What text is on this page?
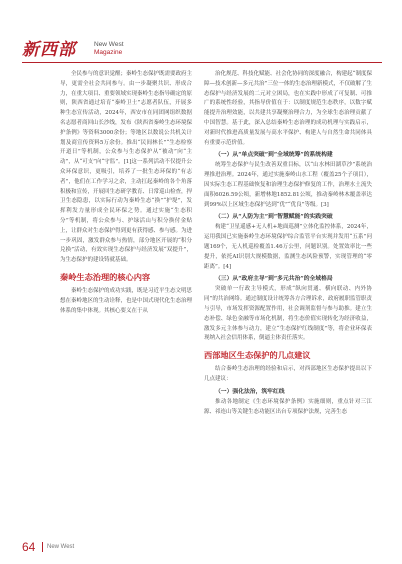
新西部	New West
Magazine

全民参与的意识觉醒；秦岭生态保护既需要政府主导，更需全社会共同参与。由一步凝聚共识、形成合力，在重大项目、重要领域实现秦岭生态指导确定的原则，陕西省通过培育“秦岭卫士”志愿者队伍，开展多种生态宣传活动，2024年，西安市在同团网组织数据名志愿者商回山长沙线，发布《陕西省秦岭生态环境保护条例》等资料3000余份；等地区以数说公共机关计划及商宣传资料5万余份。推出“民间林长”“生态检察开道日”等机制，公众参与生态保护从“被动”向“主动”，从“可支”向“守监”。[1]这一系列活动不仅提升公众环保意识，更吸引，培养了一批生态环保的“有志者”，他们在工作学习之余，主动扛起秦岭的各个角落积极和宣传，开展回生态研学教育、日常巡山检查，捍卫生态隐患，以实际行动为秦岭生态“换”“护堤”，发挥利发力量形成全民环保之势。通过实施“生态积分”等机制，将公众参与、护绿活山与积分换付金贴上，让群众对生态保护得到更有获得感、参与感。为进一步巩固，激发群众参与热情，部分地区开展的“积分兑换”活动，有效实现生态保护与经济发展“双提升”，为生态保护的建设铸就基础。

秦岭生态治理的核心内容

秦岭生态保护的成功实践，既是习近平生态文明思想在秦岭地区的生动诠释，也是中国式现代化生态治理体系的集中体现。其核心要义在于从

治化规范、科技化赋能、社会化协同的深度融合，构建起“制度保障—技术创新—多元共治”三位一体的生态治理新模式，不仅破解了生态保护与经济发展的二元对立困局，也在实践中形成了可复制、可推广的系统性经验，其指导价值在于：以制度规范生态秩序，以数字赋能提升治理效能，以共建共享凝聚治理合力，为全球生态治理贡献了中国智慧。基于此，深入总结秦岭生态治理的成功机理与实践启示，对新时代推进高质量发展与高水平保护、构建人与自然生命共同体具有重要示范价值。

（一）从“单点突破”到“全域统筹”的系统构建

统筹生态保护与民生改善双重目标，以“山水林田湖草沙”系统治理推进治理。2024年，通过实施秦岭山水工程（覆盖25个子项目），因实际生态工程基础恢复和治理生态保护修复的工作，治理水土流失面积6026.59公顷，新增林地1852.81公顷，推动秦岭林木覆盖率达到99%以上区域生态保护达到“优”“优良”等级。[3]

（二）从“人防为主”到“智慧赋能”的实践突破

构建“卫星遥感+无人机+地面巡测”立体化监控体系，2024年，运用我国已实施秦岭生态环境保护综合监管平台实现并发用“五系”问题169个，无人机巡检覆盖1.46万公里，问题识别。处置效率比一些提升，依托AI识别大规模数据，监测生态风险预警，实现管理的“零距离”。[4]

（三）从“政府主导”到“多元共治”的全域格局

突破单一行政主导模式，形成“纵向贯通、横向联动、内外协同”的共治网络。通过制度设计统筹各方合理诉求，政府履职监管职责与引导，市场发挥资源配置作用，社会调剂监督与参与助推。建立生态补偿、绿色金融等市场化机制，将生态价值实现转化为经济收益，激发多元主体参与动力，建立“生态保护红线制度”等，将企业环保表现纳入社会信用体系，倒逼主体责任落实。

西部地区生态保护的几点建议

结合秦岭生态治理的经验和启示，对西部地区生态保护提出以下几点建议：

（一）强化法治，筑牢红线

推动各地制定《生态环境保护条例》实施细则，重点针对三江源、祁连山等关键生态功能区出台专项保护法规，完善生态

64 New West
